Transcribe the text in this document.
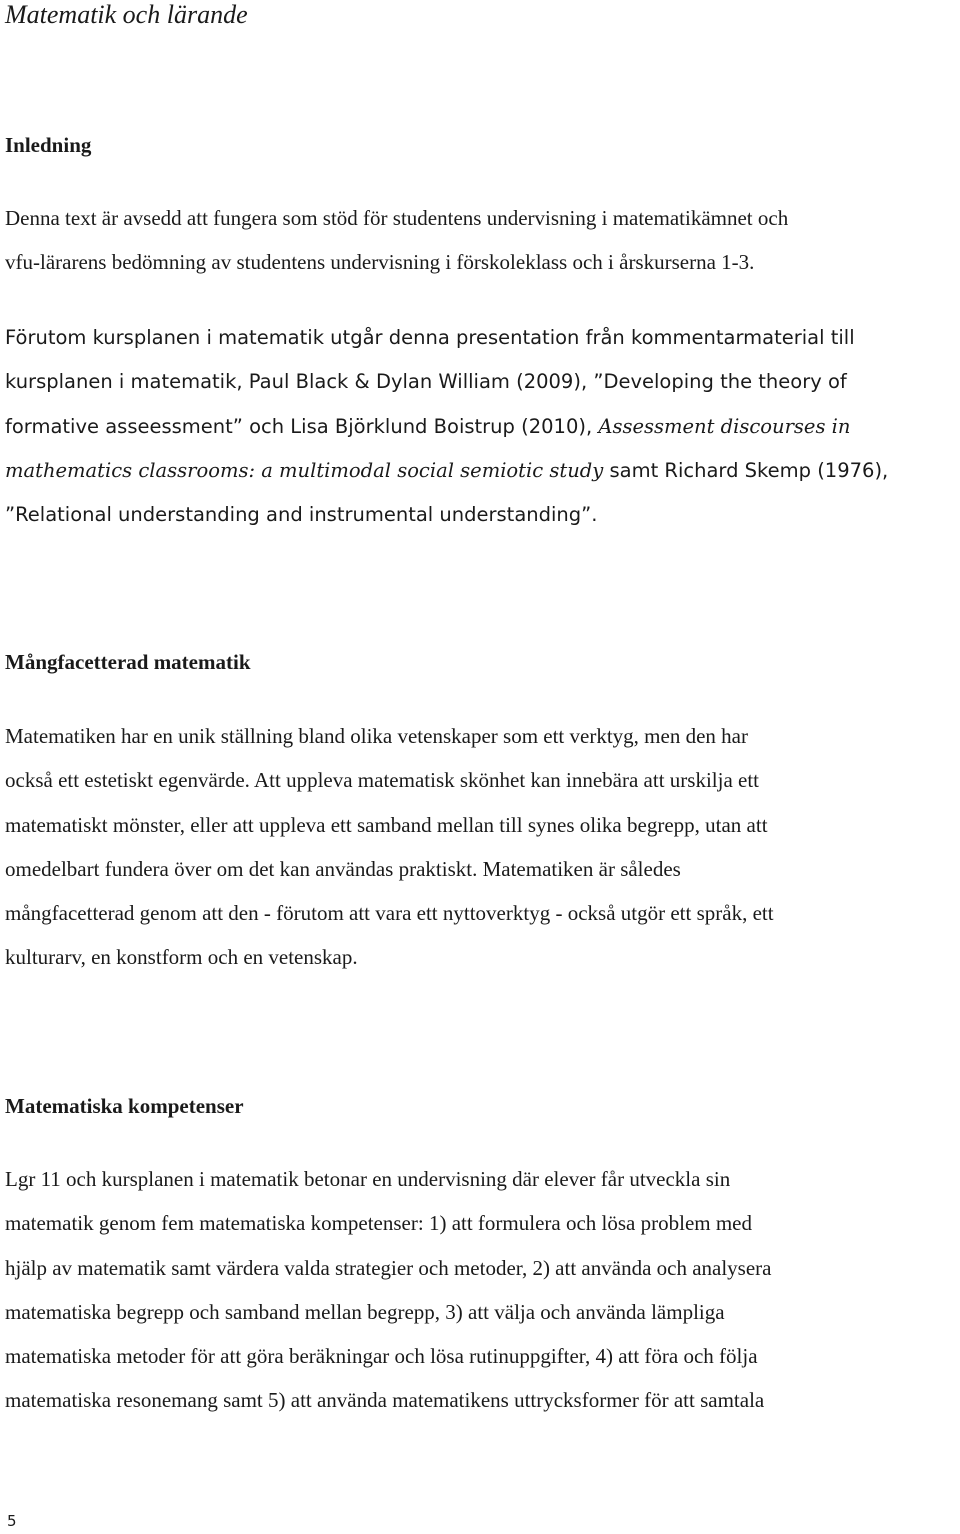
Matematik och lärande
Inledning

Denna text är avsedd att fungera som stöd för studentens undervisning i matematikämnet och
vfu-lärarens bedömning av studentens undervisning i förskoleklass och i årskurserna 1-3.

Förutom kursplanen i matematik utgår denna presentation från kommentarmaterial till
kursplanen i matematik, Paul Black & Dylan William (2009), ”Developing the theory of
formative asseessment” och Lisa Björklund Boistrup (2010), Assessment discourses in
mathematics classrooms: a multimodal social semiotic study samt Richard Skemp (1976),
”Relational understanding and instrumental understanding”.

Mångfacetterad matematik

Matematiken har en unik ställning bland olika vetenskaper som ett verktyg, men den har
också ett estetiskt egenvärde. Att uppleva matematisk skönhet kan innebära att urskilja ett
matematiskt mönster, eller att uppleva ett samband mellan till synes olika begrepp, utan att
omedelbart fundera över om det kan användas praktiskt. Matematiken är således
mångfacetterad genom att den - förutom att vara ett nyttoverktyg - också utgör ett språk, ett
kulturarv, en konstform och en vetenskap.

Matematiska kompetenser

Lgr 11 och kursplanen i matematik betonar en undervisning där elever får utveckla sin
matematik genom fem matematiska kompetenser: 1) att formulera och lösa problem med
hjälp av matematik samt värdera valda strategier och metoder, 2) att använda och analysera
matematiska begrepp och samband mellan begrepp, 3) att välja och använda lämpliga
matematiska metoder för att göra beräkningar och lösa rutinuppgifter, 4) att föra och följa
matematiska resonemang samt 5) att använda matematikens uttrycksformer för att samtala

5
